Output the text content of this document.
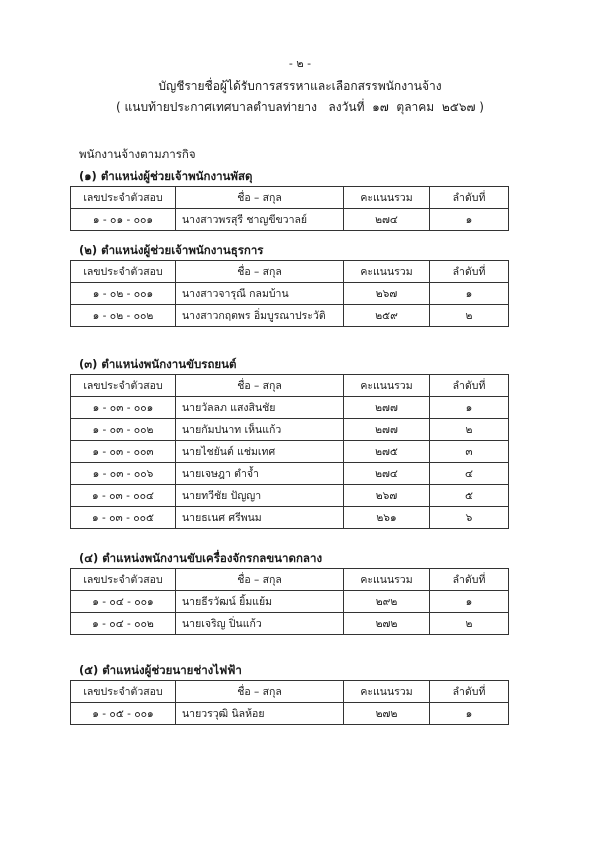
- ๒ -
บัญชีรายชื่อผู้ได้รับการสรรหาและเลือกสรรพนักงานจ้าง
( แนบท้ายประกาศเทศบาลตำบลท่ายาง   ลงวันที่  ๑๗  ตุลาคม  ๒๕๖๗ )
พนักงานจ้างตามภารกิจ
(๑) ตำแหน่งผู้ช่วยเจ้าพนักงานพัสดุ
เลขประจำตัวสอบ	ชื่อ – สกุล	คะแนนรวม	ลำดับที่
๑ - ๐๑ - ๐๐๑	นางสาวพรสุรี ชาญขีขวาลย์	๒๗๔	๑
(๒) ตำแหน่งผู้ช่วยเจ้าพนักงานธุรการ
เลขประจำตัวสอบ	ชื่อ – สกุล	คะแนนรวม	ลำดับที่
๑ - ๐๒ - ๐๐๑	นางสาวจารุณี กลมบ้าน	๒๖๗	๑
๑ - ๐๒ - ๐๐๒	นางสาวกฤตพร อิ่มบูรณาประวัติ	๒๕๙	๒
(๓) ตำแหน่งพนักงานขับรถยนต์
เลขประจำตัวสอบ	ชื่อ – สกุล	คะแนนรวม	ลำดับที่
๑ - ๐๓ - ๐๐๑	นายวัลลภ แสงสินชัย	๒๗๗	๑
๑ - ๐๓ - ๐๐๒	นายกัมปนาท เห็นแก้ว	๒๗๗	๒
๑ - ๐๓ - ๐๐๓	นายไชยันต์ แช่มเทศ	๒๗๕	๓
๑ - ๐๓ - ๐๐๖	นายเจษฎา ตำจ้ำ	๒๗๔	๔
๑ - ๐๓ - ๐๐๔	นายทวีชัย ปัญญา	๒๖๗	๕
๑ - ๐๓ - ๐๐๕	นายธเนศ ศรีพนม	๒๖๑	๖
(๔) ตำแหน่งพนักงานขับเครื่องจักรกลขนาดกลาง
เลขประจำตัวสอบ	ชื่อ – สกุล	คะแนนรวม	ลำดับที่
๑ - ๐๔ - ๐๐๑	นายธีรวัฒน์ ยิ้มแย้ม	๒๙๒	๑
๑ - ๐๔ - ๐๐๒	นายเจริญ ปิ่นแก้ว	๒๗๒	๒
(๕) ตำแหน่งผู้ช่วยนายช่างไฟฟ้า
เลขประจำตัวสอบ	ชื่อ – สกุล	คะแนนรวม	ลำดับที่
๑ - ๐๕ - ๐๐๑	นายวรวุฒิ นิลห้อย	๒๗๒	๑
